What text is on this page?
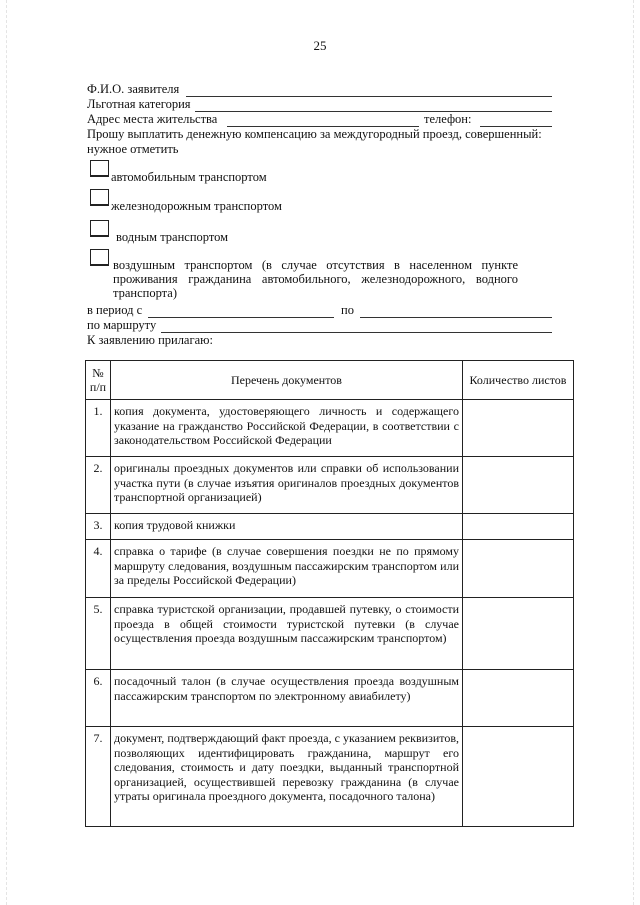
25
Ф.И.О. заявителя
Льготная категория
Адрес места жительства	телефон:
Прошу выплатить денежную компенсацию за междугородный проезд, совершенный:
нужное отметить
автомобильным транспортом
железнодорожным транспортом
водным транспортом
воздушным транспортом (в случае отсутствия в населенном пункте проживания гражданина автомобильного, железнодорожного, водного транспорта)
в период с	по
по маршруту
К заявлению прилагаю:
№ п/п	Перечень документов	Количество листов
1.	копия документа, удостоверяющего личность и содержащего указание на гражданство Российской Федерации, в соответствии с законодательством Российской Федерации	
2.	оригиналы проездных документов или справки об использовании участка пути (в случае изъятия оригиналов проездных документов транспортной организацией)	
3.	копия трудовой книжки	
4.	справка о тарифе (в случае совершения поездки не по прямому маршруту следования, воздушным пассажирским транспортом или за пределы Российской Федерации)	
5.	справка туристской организации, продавшей путевку, о стоимости проезда в общей стоимости туристской путевки (в случае осуществления проезда воздушным пассажирским транспортом)	
6.	посадочный талон (в случае осуществления проезда воздушным пассажирским транспортом по электронному авиабилету)	
7.	документ, подтверждающий факт проезда, с указанием реквизитов, позволяющих идентифицировать гражданина, маршрут его следования, стоимость и дату поездки, выданный транспортной организацией, осуществившей перевозку гражданина (в случае утраты оригинала проездного документа, посадочного талона)	
